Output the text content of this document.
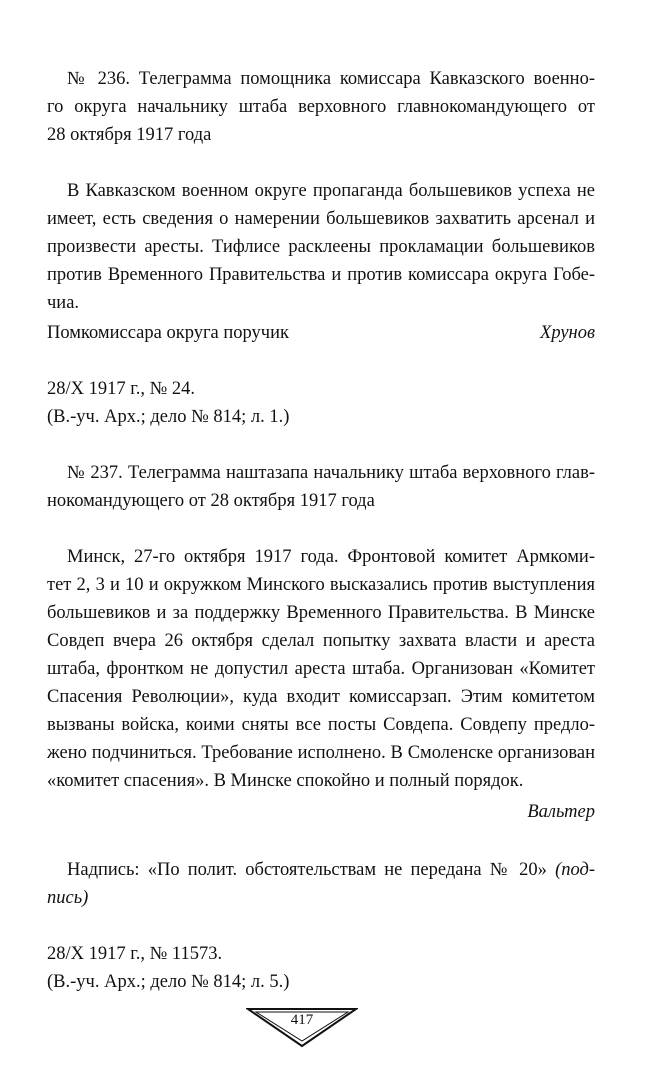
№ 236. Телеграмма помощника комиссара Кавказского военно-
го округа начальнику штаба верховного главнокомандующего от
28 октября 1917 года
В Кавказском военном округе пропаганда большевиков успеха не
имеет, есть сведения о намерении большевиков захватить арсенал и
произвести аресты. Тифлисе расклеены прокламации большевиков
против Временного Правительства и против комиссара округа Гобе-
чиа.
Помкомиссара округа поручик	Хрунов
28/X 1917 г., № 24.
(В.-уч. Арх.; дело № 814; л. 1.)
№ 237. Телеграмма наштазапа начальнику штаба верховного глав-
нокомандующего от 28 октября 1917 года
Минск, 27-го октября 1917 года. Фронтовой комитет Армкоми-
тет 2, 3 и 10 и окружком Минского высказались против выступления
большевиков и за поддержку Временного Правительства. В Минске
Совдеп вчера 26 октября сделал попытку захвата власти и ареста
штаба, фронтком не допустил ареста штаба. Организован «Комитет
Спасения Революции», куда входит комиссарзап. Этим комитетом
вызваны войска, коими сняты все посты Совдепа. Совдепу предло-
жено подчиниться. Требование исполнено. В Смоленске организован
«комитет спасения». В Минске спокойно и полный порядок.
Вальтер
Надпись: «По полит. обстоятельствам не передана № 20» (под-
пись)
28/X 1917 г., № 11573.
(В.-уч. Арх.; дело № 814; л. 5.)
417
